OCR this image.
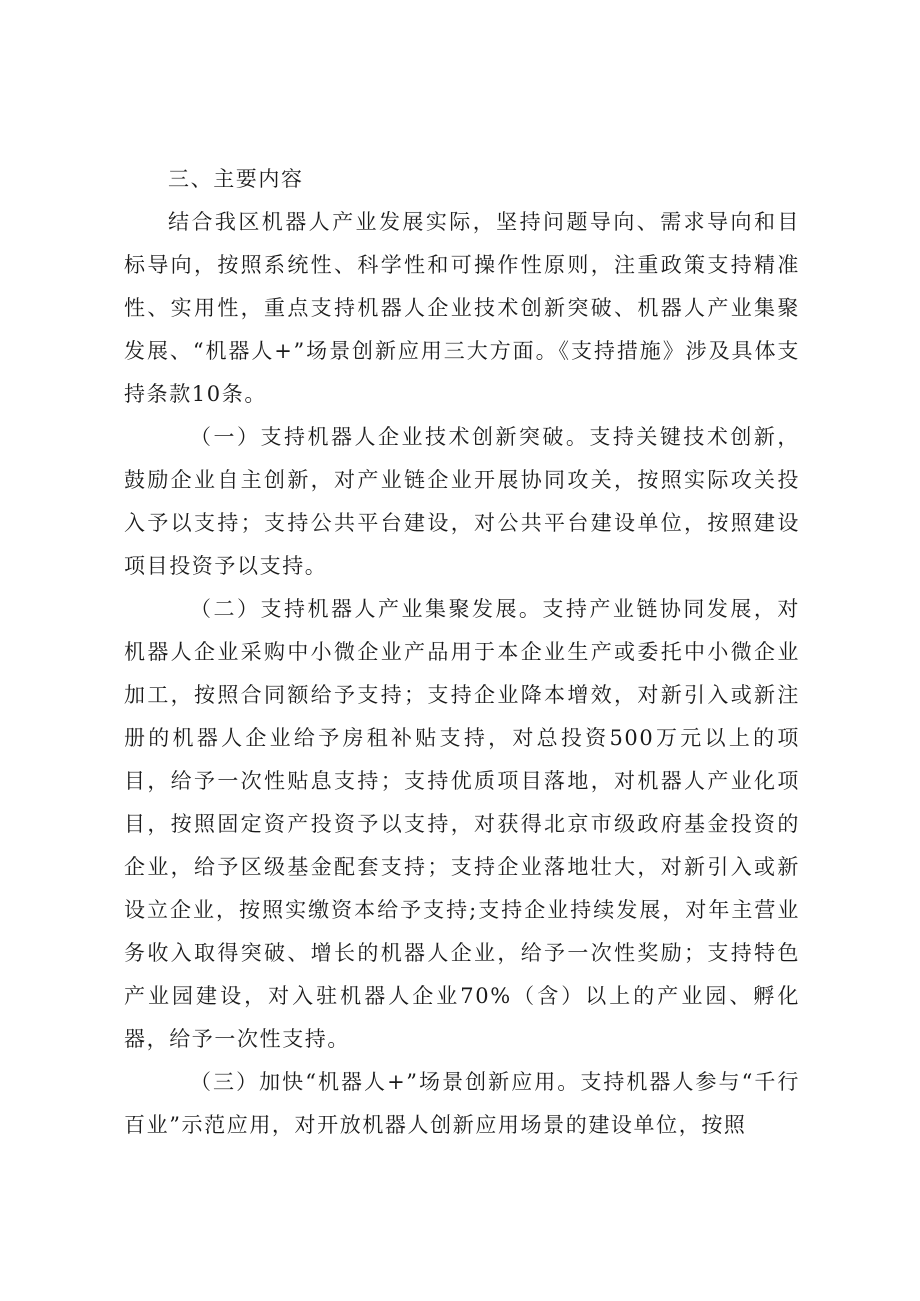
三、主要内容

结合我区机器人产业发展实际，坚持问题导向、需求导向和目标导向，按照系统性、科学性和可操作性原则，注重政策支持精准性、实用性，重点支持机器人企业技术创新突破、机器人产业集聚发展、“机器人+”场景创新应用三大方面。《支持措施》涉及具体支持条款10条。

（一）支持机器人企业技术创新突破。支持关键技术创新，鼓励企业自主创新，对产业链企业开展协同攻关，按照实际攻关投入予以支持；支持公共平台建设，对公共平台建设单位，按照建设项目投资予以支持。

（二）支持机器人产业集聚发展。支持产业链协同发展，对机器人企业采购中小微企业产品用于本企业生产或委托中小微企业加工，按照合同额给予支持；支持企业降本增效，对新引入或新注册的机器人企业给予房租补贴支持，对总投资500万元以上的项目，给予一次性贴息支持；支持优质项目落地，对机器人产业化项目，按照固定资产投资予以支持，对获得北京市级政府基金投资的企业，给予区级基金配套支持；支持企业落地壮大，对新引入或新设立企业，按照实缴资本给予支持;支持企业持续发展，对年主营业务收入取得突破、增长的机器人企业，给予一次性奖励；支持特色产业园建设，对入驻机器人企业70%（含）以上的产业园、孵化器，给予一次性支持。

（三）加快“机器人+”场景创新应用。支持机器人参与“千行百业”示范应用，对开放机器人创新应用场景的建设单位，按照
